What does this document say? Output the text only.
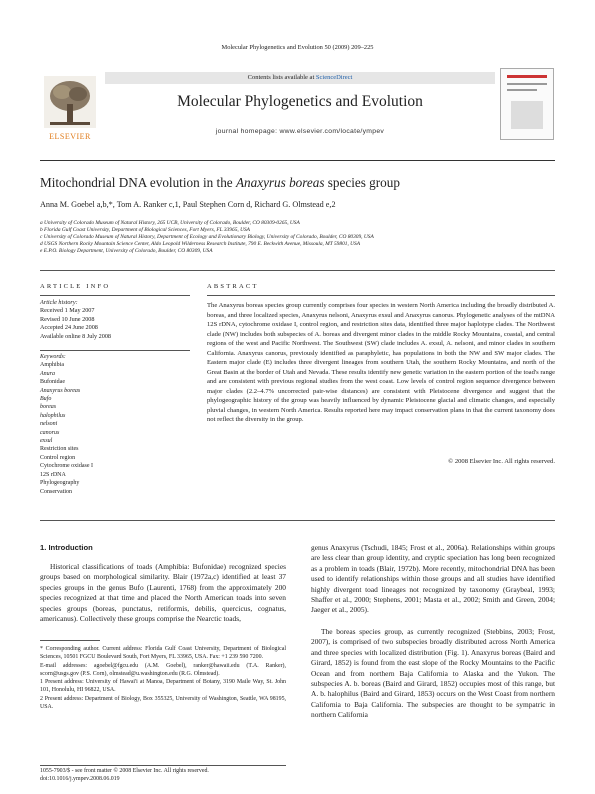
Molecular Phylogenetics and Evolution 50 (2009) 209–225
Contents lists available at ScienceDirect
ELSEVIER
Molecular Phylogenetics and Evolution
journal homepage: www.elsevier.com/locate/ympev
Mitochondrial DNA evolution in the Anaxyrus boreas species group
Anna M. Goebel a,b,*, Tom A. Ranker c,1, Paul Stephen Corn d, Richard G. Olmstead e,2
a University of Colorado Museum of Natural History, 265 UCB, University of Colorado, Boulder, CO 80309-0265, USA
b Florida Gulf Coast University, Department of Biological Sciences, Fort Myers, FL 33965, USA
c University of Colorado Museum of Natural History, Department of Ecology and Evolutionary Biology, University of Colorado, Boulder, CO 80309, USA
d USGS Northern Rocky Mountain Science Center, Aldo Leopold Wilderness Research Institute, 790 E. Beckwith Avenue, Missoula, MT 59801, USA
e E.P.O. Biology Department, University of Colorado, Boulder, CO 80309, USA
ARTICLE INFO
Article history:
Received 1 May 2007
Revised 10 June 2008
Accepted 24 June 2008
Available online 8 July 2008
Keywords:
Amphibia
Anura
Bufonidae
Anaxyrus boreas
Bufo
boreas
halophilus
nelsoni
canorus
exsul
Restriction sites
Control region
Cytochrome oxidase I
12S rDNA
Phylogeography
Conservation
ABSTRACT
The Anaxyrus boreas species group currently comprises four species in western North America including the broadly distributed A. boreas, and three localized species, Anaxyrus nelsoni, Anaxyrus exsul and Anaxyrus canorus. Phylogenetic analyses of the mtDNA 12S rDNA, cytochrome oxidase I, control region, and restriction sites data, identified three major haplotype clades. The Northwest clade (NW) includes both subspecies of A. boreas and divergent minor clades in the middle Rocky Mountains, coastal, and central regions of the west and Pacific Northwest. The Southwest (SW) clade includes A. exsul, A. nelsoni, and minor clades in southern California. Anaxyrus canorus, previously identified as paraphyletic, has populations in both the NW and SW major clades. The Eastern major clade (E) includes three divergent lineages from southern Utah, the southern Rocky Mountains, and north of the Great Basin at the border of Utah and Nevada. These results identify new genetic variation in the eastern portion of the toad's range and are consistent with previous regional studies from the west coast. Low levels of control region sequence divergence between major clades (2.2–4.7% uncorrected pair-wise distances) are consistent with Pleistocene divergence and suggest that the phylogeographic history of the group was heavily influenced by dynamic Pleistocene glacial and climatic changes, and especially pluvial changes, in western North America. Results reported here may impact conservation plans in that the current taxonomy does not reflect the diversity in the group.
© 2008 Elsevier Inc. All rights reserved.
1. Introduction
Historical classifications of toads (Amphibia: Bufonidae) recognized species groups based on morphological similarity. Blair (1972a,c) identified at least 37 species groups in the genus Bufo (Laurenti, 1768) from the approximately 200 species recognized at that time and placed the North American toads into seven species groups (boreas, punctatus, retiformis, debilis, quercicus, cognatus, americanus). Collectively these groups comprise the Nearctic toads,
genus Anaxyrus (Tschudi, 1845; Frost et al., 2006a). Relationships within groups are less clear than group identity, and cryptic speciation has long been recognized as a problem in toads (Blair, 1972b). More recently, mitochondrial DNA has been used to identify relationships within those groups and all studies have identified highly divergent toad lineages not recognized by taxonomy (Graybeal, 1993; Shaffer et al., 2000; Stephens, 2001; Masta et al., 2002; Smith and Green, 2004; Jaeger et al., 2005).
The boreas species group, as currently recognized (Stebbins, 2003; Frost, 2007), is comprised of two subspecies broadly distributed across North America and three species with localized distribution (Fig. 1). Anaxyrus boreas (Baird and Girard, 1852) is found from the east slope of the Rocky Mountains to the Pacific Ocean and from northern Baja California to Alaska and the Yukon. The subspecies A. b. boreas (Baird and Girard, 1852) occupies most of this range, but A. b. halophilus (Baird and Girard, 1853) occurs on the West Coast from northern California to Baja California. The subspecies are thought to be sympatric in northern California
* Corresponding author. Current address: Florida Gulf Coast University, Department of Biological Sciences, 10501 FGCU Boulevard South, Fort Myers, FL 33965, USA. Fax: +1 239 590 7200.
E-mail addresses: agoebel@fgcu.edu (A.M. Goebel), ranker@hawaii.edu (T.A. Ranker), scorn@usgs.gov (P.S. Corn), olmstead@u.washington.edu (R.G. Olmstead).
1 Present address: University of Hawai'i at Manoa, Department of Botany, 3190 Maile Way, St. John 101, Honolulu, HI 96822, USA.
2 Present address: Department of Biology, Box 355325, University of Washington, Seattle, WA 98195, USA.
1055-7903/$ - see front matter © 2008 Elsevier Inc. All rights reserved.
doi:10.1016/j.ympev.2008.06.019
